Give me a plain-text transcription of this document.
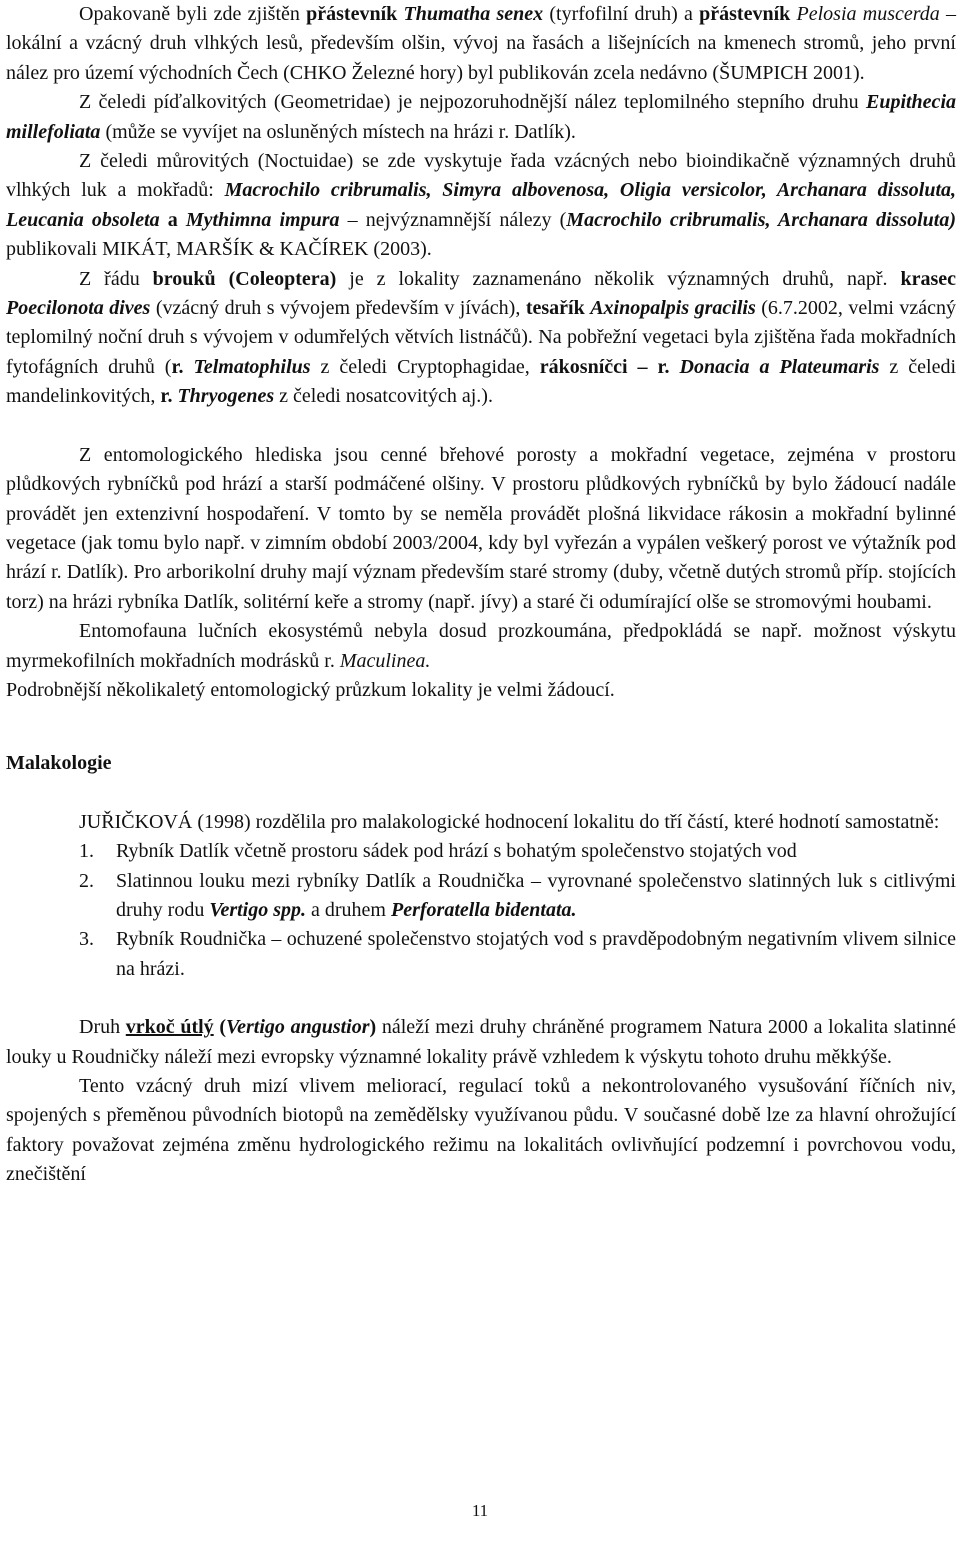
Opakovaně byli zde zjištěn přástevník Thumatha senex (tyrfofilní druh) a přástevník Pelosia muscerda – lokální a vzácný druh vlhkých lesů, především olšin, vývoj na řasách a lišejnících na kmenech stromů, jeho první nález pro území východních Čech (CHKO Železné hory) byl publikován zcela nedávno (ŠUMPICH 2001).

Z čeledi píďalkovitých (Geometridae) je nejpozoruhodnější nález teplomilného stepního druhu Eupithecia millefoliata (může se vyvíjet na osluněných místech na hrázi r. Datlík).

Z čeledi můrovitých (Noctuidae) se zde vyskytuje řada vzácných nebo bioindikačně významných druhů vlhkých luk a mokřadů: Macrochilo cribrumalis, Simyra albovenosa, Oligia versicolor, Archanara dissoluta, Leucania obsoleta a Mythimna impura – nejvýznamnější nálezy (Macrochilo cribrumalis, Archanara dissoluta) publikovali MIKÁT, MARŠÍK & KAČÍREK (2003).

Z řádu brouků (Coleoptera) je z lokality zaznamenáno několik významných druhů, např. krasec Poecilonota dives (vzácný druh s vývojem především v jívách), tesařík Axinopalpis gracilis (6.7.2002, velmi vzácný teplomilný noční druh s vývojem v odumřelých větvích listnáčů). Na pobřežní vegetaci byla zjištěna řada mokřadních fytofágních druhů (r. Telmatophilus z čeledi Cryptophagidae, rákosníčci – r. Donacia a Plateumaris z čeledi mandelinkovitých, r. Thryogenes z čeledi nosatcovitých aj.).

Z entomologického hlediska jsou cenné břehové porosty a mokřadní vegetace, zejména v prostoru plůdkových rybníčků pod hrází a starší podmáčené olšiny. V prostoru plůdkových rybníčků by bylo žádoucí nadále provádět jen extenzivní hospodaření. V tomto by se neměla provádět plošná likvidace rákosin a mokřadní bylinné vegetace (jak tomu bylo např. v zimním období 2003/2004, kdy byl vyřezán a vypálen veškerý porost ve výtažník pod hrází r. Datlík). Pro arborikolní druhy mají význam především staré stromy (duby, včetně dutých stromů příp. stojících torz) na hrázi rybníka Datlík, solitérní keře a stromy (např. jívy) a staré či odumírající olše se stromovými houbami.

Entomofauna lučních ekosystémů nebyla dosud prozkoumána, předpokládá se např. možnost výskytu myrmekofilních mokřadních modrásků r. Maculinea.

Podrobnější několikaletý entomologický průzkum lokality je velmi žádoucí.

Malakologie

JUŘIČKOVÁ (1998) rozdělila pro malakologické hodnocení lokalitu do tří částí, které hodnotí samostatně:

1. Rybník Datlík včetně prostoru sádek pod hrází s bohatým společenstvo stojatých vod
2. Slatinnou louku mezi rybníky Datlík a Roudnička – vyrovnané společenstvo slatinných luk s citlivými druhy rodu Vertigo spp. a druhem Perforatella bidentata.
3. Rybník Roudnička – ochuzené společenstvo stojatých vod s pravděpodobným negativním vlivem silnice na hrázi.

Druh vrkoč útlý (Vertigo angustior) náleží mezi druhy chráněné programem Natura 2000 a lokalita slatinné louky u Roudničky náleží mezi evropsky významné lokality právě vzhledem k výskytu tohoto druhu měkkýše.

Tento vzácný druh mizí vlivem meliorací, regulací toků a nekontrolovaného vysušování říčních niv, spojených s přeměnou původních biotopů na zemědělsky využívanou půdu. V současné době lze za hlavní ohrožující faktory považovat zejména změnu hydrologického režimu na lokalitách ovlivňující podzemní i povrchovou vodu, znečištění

11
